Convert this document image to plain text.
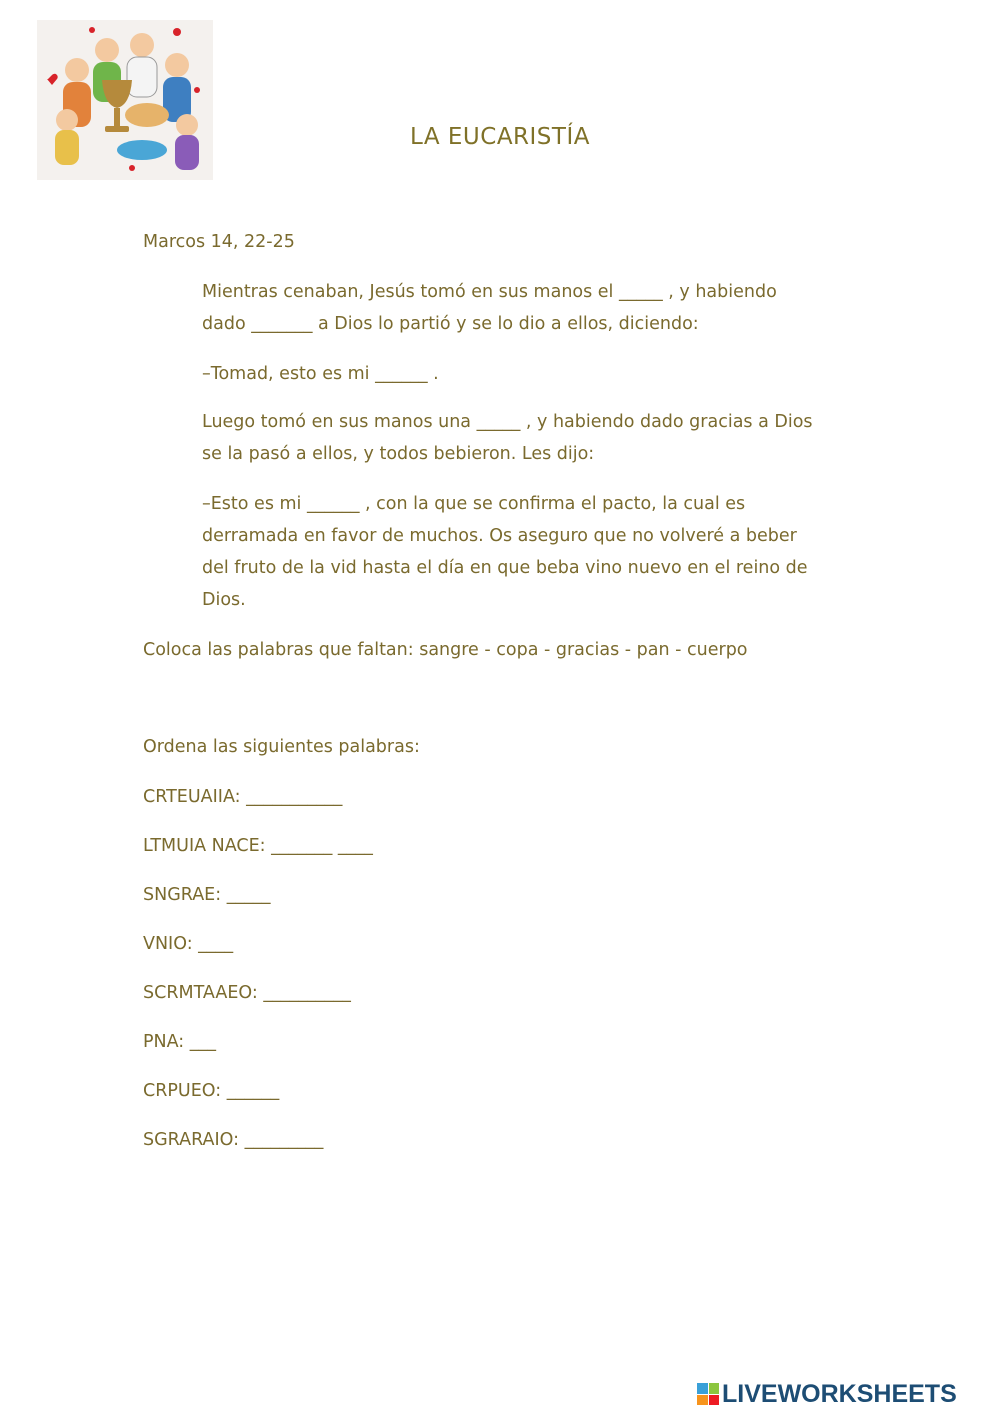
LA EUCARISTÍA
Marcos 14, 22-25
Mientras cenaban, Jesús tomó en sus manos el _____ , y habiendo
dado _______ a Dios lo partió y se lo dio a ellos, diciendo:
–Tomad, esto es mi ______ .
Luego tomó en sus manos una _____ , y habiendo dado gracias a Dios
se la pasó a ellos, y todos bebieron. Les dijo:
–Esto es mi ______ , con la que se confirma el pacto, la cual es
derramada en favor de muchos. Os aseguro que no volveré a beber
del fruto de la vid hasta el día en que beba vino nuevo en el reino de
Dios.
Coloca las palabras que faltan: sangre - copa - gracias - pan - cuerpo
Ordena las siguientes palabras:
CRTEUAIIA: ___________
LTMUIA NACE: _______ ____
SNGRAE: _____
VNIO: ____
SCRMTAAEO: __________
PNA: ___
CRPUEO: ______
SGRARAIO: _________
LIVEWORKSHEETS
